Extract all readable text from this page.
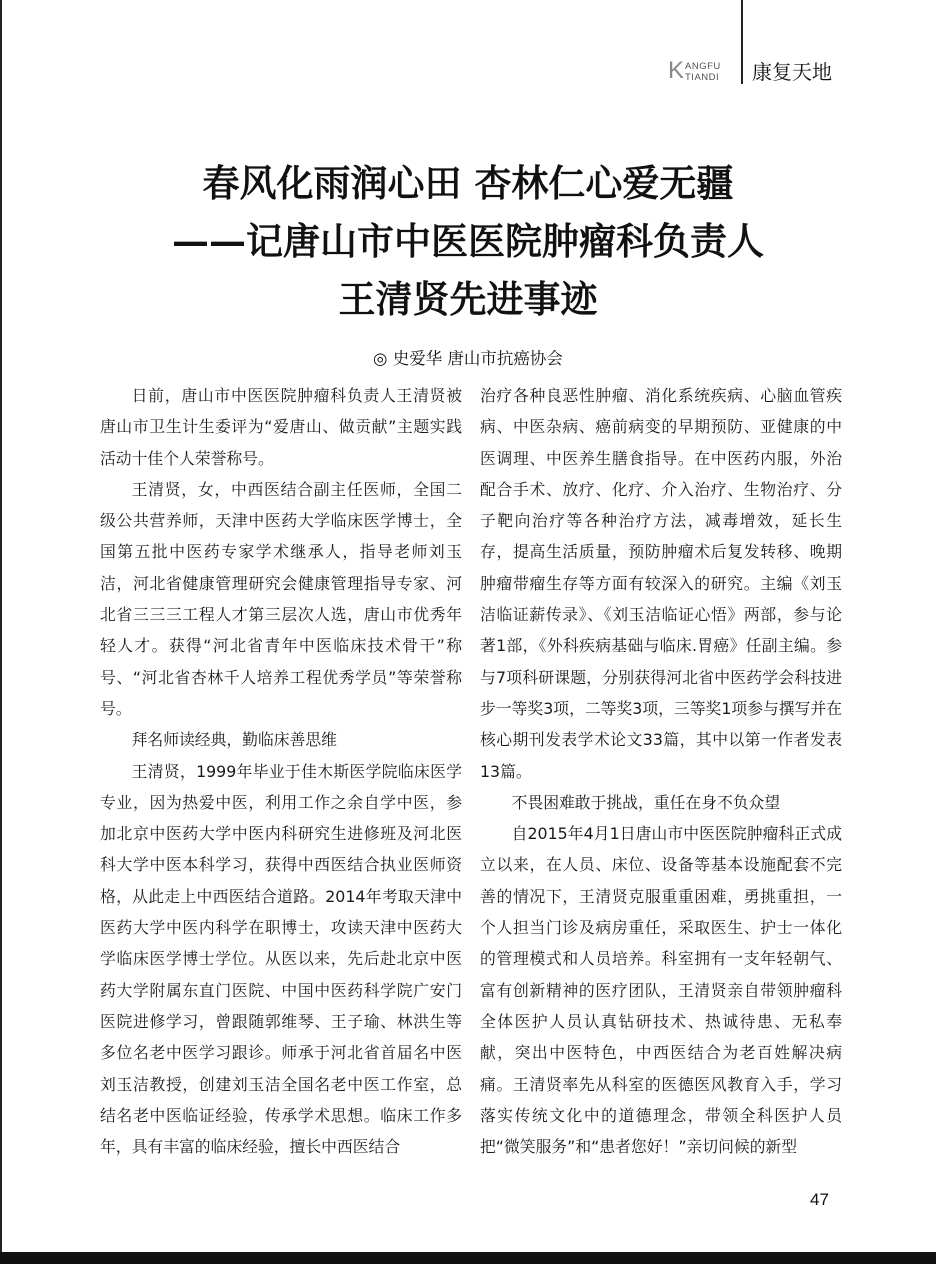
K ANGFU
TIANDI 康复天地
春风化雨润心田 杏林仁心爱无疆
——记唐山市中医医院肿瘤科负责人
王清贤先进事迹
◎ 史爱华 唐山市抗癌协会

日前，唐山市中医医院肿瘤科负责人王清贤被唐山市卫生计生委评为“爱唐山、做贡献”主题实践活动十佳个人荣誉称号。

王清贤，女，中西医结合副主任医师，全国二级公共营养师，天津中医药大学临床医学博士，全国第五批中医药专家学术继承人，指导老师刘玉洁，河北省健康管理研究会健康管理指导专家、河北省三三三工程人才第三层次人选，唐山市优秀年轻人才。获得“河北省青年中医临床技术骨干”称号、“河北省杏林千人培养工程优秀学员”等荣誉称号。

拜名师读经典，勤临床善思维

王清贤，1999年毕业于佳木斯医学院临床医学专业，因为热爱中医，利用工作之余自学中医，参加北京中医药大学中医内科研究生进修班及河北医科大学中医本科学习，获得中西医结合执业医师资格，从此走上中西医结合道路。2014年考取天津中医药大学中医内科学在职博士，攻读天津中医药大学临床医学博士学位。从医以来，先后赴北京中医药大学附属东直门医院、中国中医药科学院广安门医院进修学习，曾跟随郭维琴、王子瑜、林洪生等多位名老中医学习跟诊。师承于河北省首届名中医刘玉洁教授，创建刘玉洁全国名老中医工作室，总结名老中医临证经验，传承学术思想。临床工作多年，具有丰富的临床经验，擅长中西医结合

治疗各种良恶性肿瘤、消化系统疾病、心脑血管疾病、中医杂病、癌前病变的早期预防、亚健康的中医调理、中医养生膳食指导。在中医药内服，外治配合手术、放疗、化疗、介入治疗、生物治疗、分子靶向治疗等各种治疗方法，减毒增效，延长生存，提高生活质量，预防肿瘤术后复发转移、晚期肿瘤带瘤生存等方面有较深入的研究。主编《刘玉洁临证薪传录》、《刘玉洁临证心悟》两部，参与论著1部，《外科疾病基础与临床.胃癌》任副主编。参与7项科研课题，分别获得河北省中医药学会科技进步一等奖3项，二等奖3项，三等奖1项参与撰写并在核心期刊发表学术论文33篇，其中以第一作者发表13篇。

不畏困难敢于挑战，重任在身不负众望

自2015年4月1日唐山市中医医院肿瘤科正式成立以来，在人员、床位、设备等基本设施配套不完善的情况下，王清贤克服重重困难，勇挑重担，一个人担当门诊及病房重任，采取医生、护士一体化的管理模式和人员培养。科室拥有一支年轻朝气、富有创新精神的医疗团队，王清贤亲自带领肿瘤科全体医护人员认真钻研技术、热诚待患、无私奉献，突出中医特色，中西医结合为老百姓解决病痛。王清贤率先从科室的医德医风教育入手，学习落实传统文化中的道德理念，带领全科医护人员把“微笑服务”和“患者您好！”亲切问候的新型

47
